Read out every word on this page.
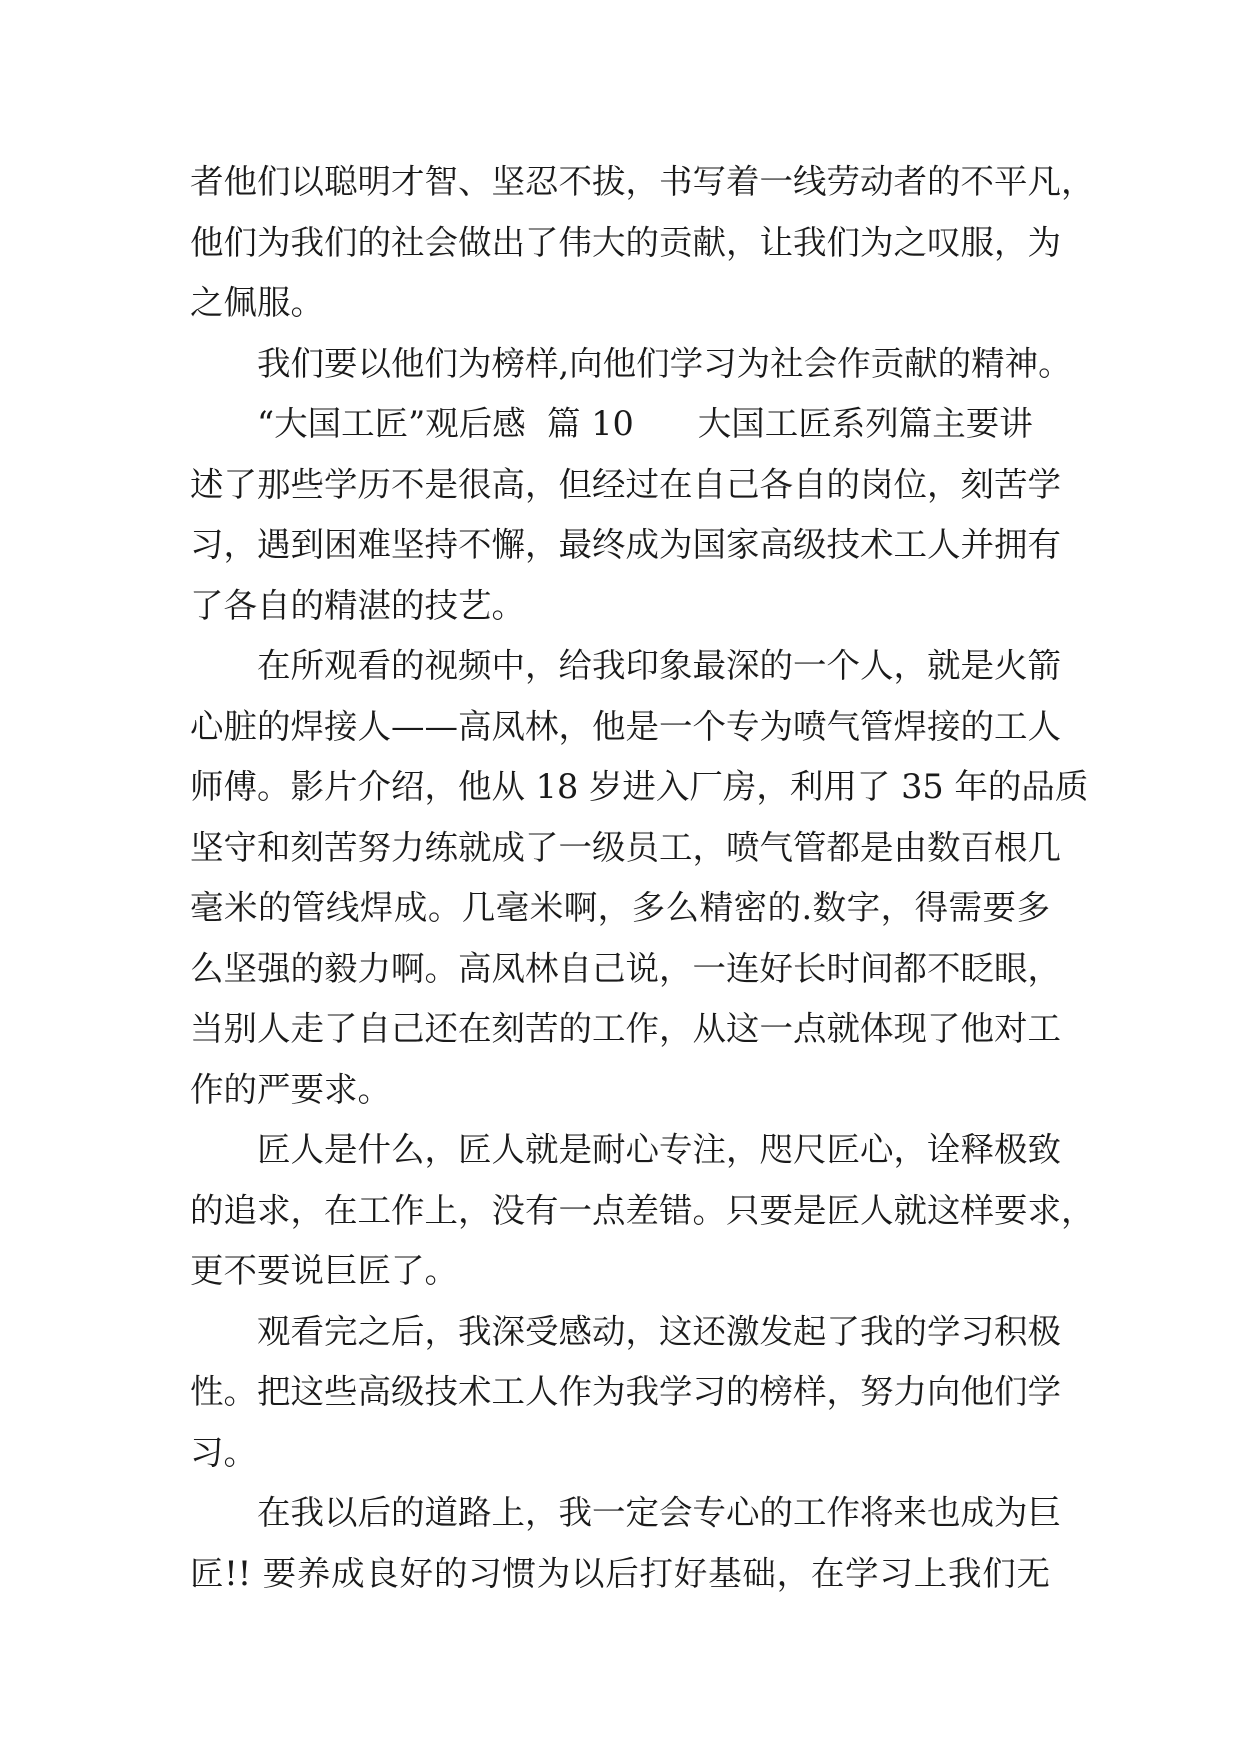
者他们以聪明才智、坚忍不拔，书写着一线劳动者的不平凡，
他们为我们的社会做出了伟大的贡献，让我们为之叹服，为
之佩服。
我们要以他们为榜样,向他们学习为社会作贡献的精神。
“大国工匠”观后感  篇 10      大国工匠系列篇主要讲
述了那些学历不是很高，但经过在自己各自的岗位，刻苦学
习，遇到困难坚持不懈，最终成为国家高级技术工人并拥有
了各自的精湛的技艺。
在所观看的视频中，给我印象最深的一个人，就是火箭
心脏的焊接人——高凤林，他是一个专为喷气管焊接的工人
师傅。影片介绍，他从 18 岁进入厂房，利用了 35 年的品质
坚守和刻苦努力练就成了一级员工，喷气管都是由数百根几
毫米的管线焊成。几毫米啊，多么精密的.数字，得需要多
么坚强的毅力啊。高凤林自己说，一连好长时间都不眨眼，
当别人走了自己还在刻苦的工作，从这一点就体现了他对工
作的严要求。
匠人是什么，匠人就是耐心专注，咫尺匠心，诠释极致
的追求，在工作上，没有一点差错。只要是匠人就这样要求，
更不要说巨匠了。
观看完之后，我深受感动，这还激发起了我的学习积极
性。把这些高级技术工人作为我学习的榜样，努力向他们学
习。
在我以后的道路上，我一定会专心的工作将来也成为巨
匠!! 要养成良好的习惯为以后打好基础，在学习上我们无
